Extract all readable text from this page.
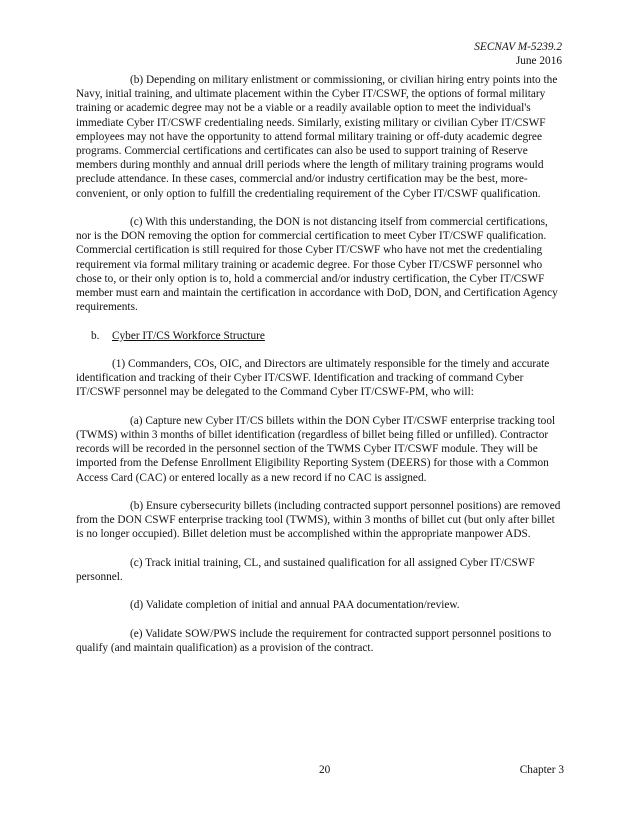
SECNAV M-5239.2
June 2016

(b) Depending on military enlistment or commissioning, or civilian hiring entry points into the Navy, initial training, and ultimate placement within the Cyber IT/CSWF, the options of formal military training or academic degree may not be a viable or a readily available option to meet the individual's immediate Cyber IT/CSWF credentialing needs. Similarly, existing military or civilian Cyber IT/CSWF employees may not have the opportunity to attend formal military training or off-duty academic degree programs. Commercial certifications and certificates can also be used to support training of Reserve members during monthly and annual drill periods where the length of military training programs would preclude attendance. In these cases, commercial and/or industry certification may be the best, more-convenient, or only option to fulfill the credentialing requirement of the Cyber IT/CSWF qualification.

(c) With this understanding, the DON is not distancing itself from commercial certifications, nor is the DON removing the option for commercial certification to meet Cyber IT/CSWF qualification. Commercial certification is still required for those Cyber IT/CSWF who have not met the credentialing requirement via formal military training or academic degree. For those Cyber IT/CSWF personnel who chose to, or their only option is to, hold a commercial and/or industry certification, the Cyber IT/CSWF member must earn and maintain the certification in accordance with DoD, DON, and Certification Agency requirements.

b. Cyber IT/CS Workforce Structure

(1) Commanders, COs, OIC, and Directors are ultimately responsible for the timely and accurate identification and tracking of their Cyber IT/CSWF. Identification and tracking of command Cyber IT/CSWF personnel may be delegated to the Command Cyber IT/CSWF-PM, who will:

(a) Capture new Cyber IT/CS billets within the DON Cyber IT/CSWF enterprise tracking tool (TWMS) within 3 months of billet identification (regardless of billet being filled or unfilled). Contractor records will be recorded in the personnel section of the TWMS Cyber IT/CSWF module. They will be imported from the Defense Enrollment Eligibility Reporting System (DEERS) for those with a Common Access Card (CAC) or entered locally as a new record if no CAC is assigned.

(b) Ensure cybersecurity billets (including contracted support personnel positions) are removed from the DON CSWF enterprise tracking tool (TWMS), within 3 months of billet cut (but only after billet is no longer occupied). Billet deletion must be accomplished within the appropriate manpower ADS.

(c) Track initial training, CL, and sustained qualification for all assigned Cyber IT/CSWF personnel.

(d) Validate completion of initial and annual PAA documentation/review.

(e) Validate SOW/PWS include the requirement for contracted support personnel positions to qualify (and maintain qualification) as a provision of the contract.

20	Chapter 3
